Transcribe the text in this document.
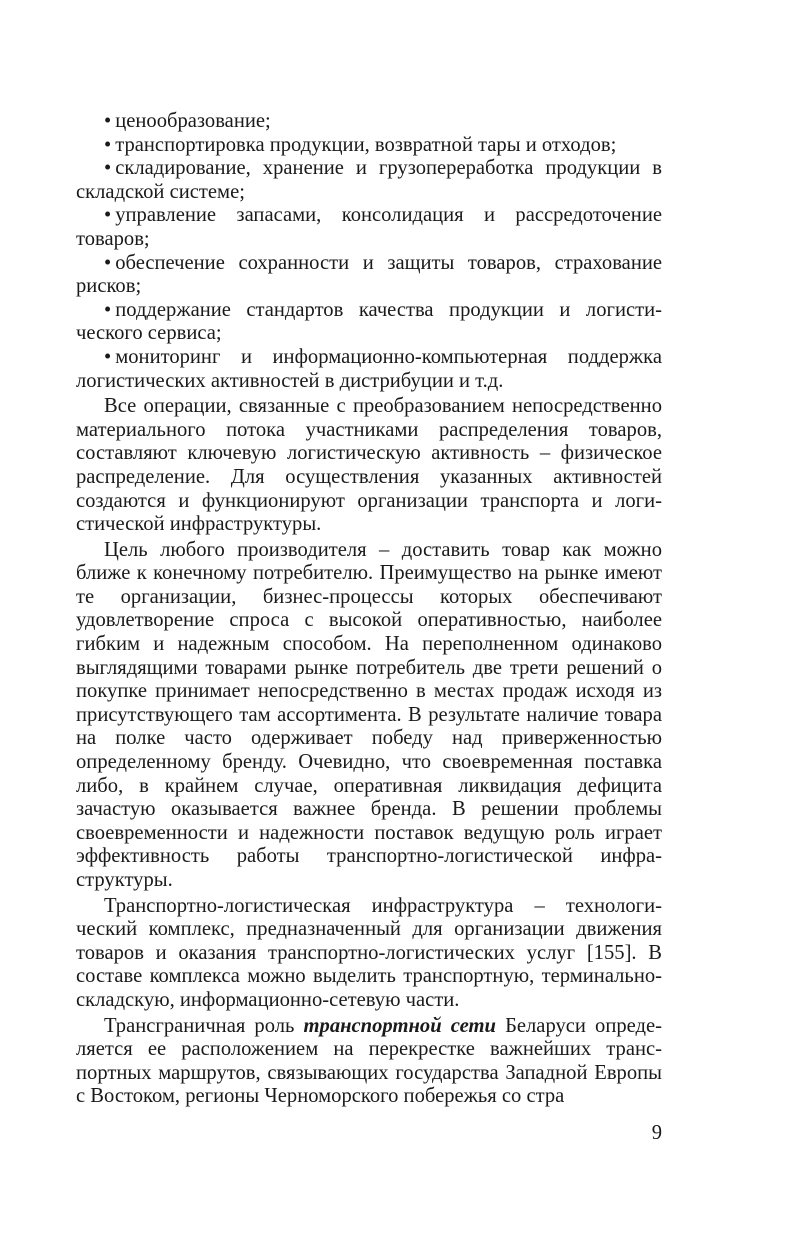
• ценообразование;

• транспортировка продукции, возвратной тары и отходов;

• складирование, хранение и грузопереработка продукции в складской системе;

• управление запасами, консолидация и рассредоточение товаров;

• обеспечение сохранности и защиты товаров, страхование рисков;

• поддержание стандартов качества продукции и логистического сервиса;

• мониторинг и информационно-компьютерная поддержка логистических активностей в дистрибуции и т.д.

Все операции, связанные с преобразованием непосредственно материального потока участниками распределения товаров, составляют ключевую логистическую активность – физическое распределение. Для осуществления указанных активностей создаются и функционируют организации транспорта и логистической инфраструктуры.

Цель любого производителя – доставить товар как можно ближе к конечному потребителю. Преимущество на рынке имеют те организации, бизнес-процессы которых обеспечивают удовлетворение спроса с высокой оперативностью, наиболее гибким и надежным способом. На переполненном одинаково выглядящими товарами рынке потребитель две трети решений о покупке принимает непосредственно в местах продаж исходя из присутствующего там ассортимента. В результате наличие товара на полке часто одерживает победу над приверженностью определенному бренду. Очевидно, что своевременная поставка либо, в крайнем случае, оперативная ликвидация дефицита зачастую оказывается важнее бренда. В решении проблемы своевременности и надежности поставок ведущую роль играет эффективность работы транспортно-логистической инфраструктуры.

Транспортно-логистическая инфраструктура – технологический комплекс, предназначенный для организации движения товаров и оказания транспортно-логистических услуг [155]. В составе комплекса можно выделить транспортную, терминально-складскую, информационно-сетевую части.

Трансграничная роль транспортной сети Беларуси определяется ее расположением на перекрестке важнейших транспортных маршрутов, связывающих государства Западной Европы с Востоком, регионы Черноморского побережья со стра

9
